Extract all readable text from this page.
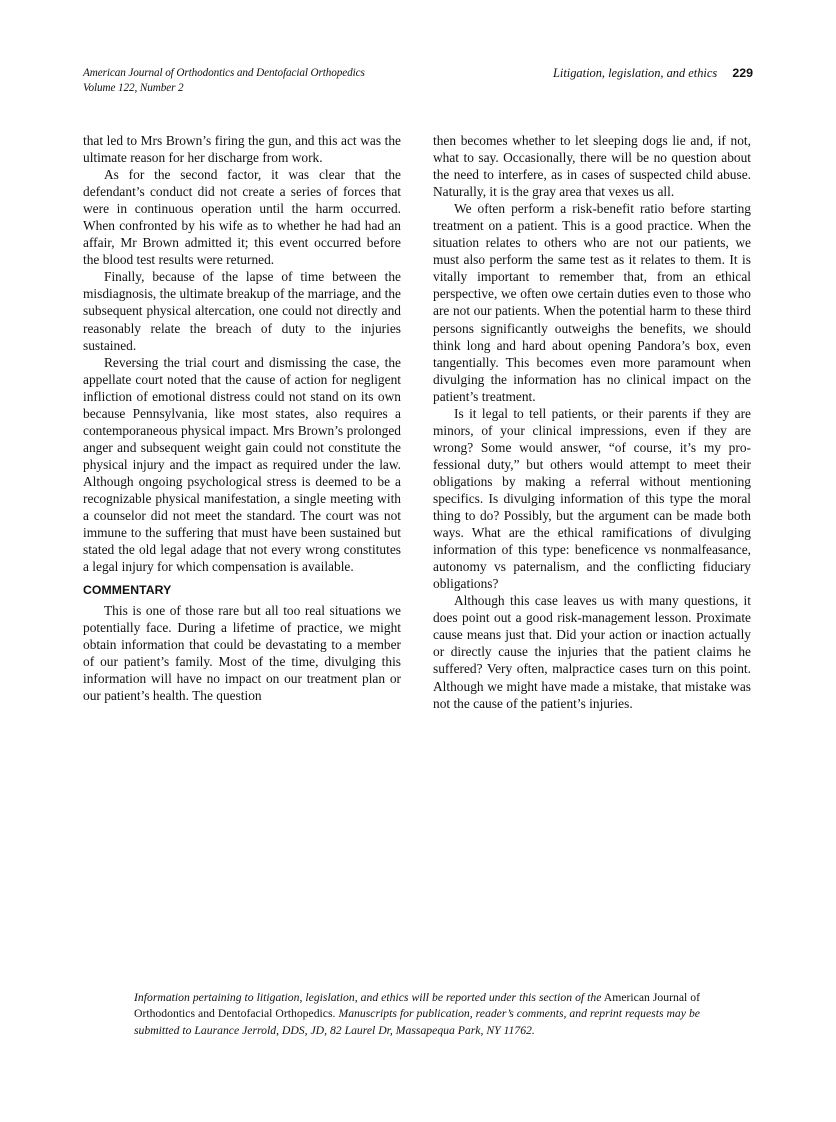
American Journal of Orthodontics and Dentofacial Orthopedics
Volume 122, Number 2
Litigation, legislation, and ethics 229

that led to Mrs Brown’s firing the gun, and this act was the ultimate reason for her discharge from work.

As for the second factor, it was clear that the defendant’s conduct did not create a series of forces that were in continuous operation until the harm occurred. When confronted by his wife as to whether he had had an affair, Mr Brown admitted it; this event occurred before the blood test results were returned.

Finally, because of the lapse of time between the misdiagnosis, the ultimate breakup of the marriage, and the subsequent physical altercation, one could not directly and reasonably relate the breach of duty to the injuries sustained.

Reversing the trial court and dismissing the case, the appellate court noted that the cause of action for negligent infliction of emotional distress could not stand on its own because Pennsylvania, like most states, also requires a contemporaneous physical impact. Mrs Brown’s prolonged anger and subsequent weight gain could not constitute the physical injury and the impact as required under the law. Although ongoing psychological stress is deemed to be a recognizable physical manifestation, a single meeting with a counselor did not meet the standard. The court was not immune to the suffering that must have been sustained but stated the old legal adage that not every wrong constitutes a legal injury for which compensation is available.

COMMENTARY

This is one of those rare but all too real situations we potentially face. During a lifetime of practice, we might obtain information that could be devastating to a member of our patient’s family. Most of the time, divulging this information will have no impact on our treatment plan or our patient’s health. The question

then becomes whether to let sleeping dogs lie and, if not, what to say. Occasionally, there will be no question about the need to interfere, as in cases of suspected child abuse. Naturally, it is the gray area that vexes us all.

We often perform a risk-benefit ratio before starting treatment on a patient. This is a good practice. When the situation relates to others who are not our patients, we must also perform the same test as it relates to them. It is vitally important to remember that, from an ethical perspective, we often owe certain duties even to those who are not our patients. When the potential harm to these third persons significantly outweighs the benefits, we should think long and hard about opening Pandora’s box, even tangentially. This becomes even more paramount when divulging the information has no clinical impact on the patient’s treatment.

Is it legal to tell patients, or their parents if they are minors, of your clinical impressions, even if they are wrong? Some would answer, “of course, it’s my professional duty,” but others would attempt to meet their obligations by making a referral without mentioning specifics. Is divulging information of this type the moral thing to do? Possibly, but the argument can be made both ways. What are the ethical ramifications of divulging information of this type: beneficence vs nonmalfeasance, autonomy vs paternalism, and the conflicting fiduciary obligations?

Although this case leaves us with many questions, it does point out a good risk-management lesson. Proximate cause means just that. Did your action or inaction actually or directly cause the injuries that the patient claims he suffered? Very often, malpractice cases turn on this point. Although we might have made a mistake, that mistake was not the cause of the patient’s injuries.

Information pertaining to litigation, legislation, and ethics will be reported under this section of the American Journal of Orthodontics and Dentofacial Orthopedics. Manuscripts for publication, reader’s comments, and reprint requests may be submitted to Laurance Jerrold, DDS, JD, 82 Laurel Dr, Massapequa Park, NY 11762.
